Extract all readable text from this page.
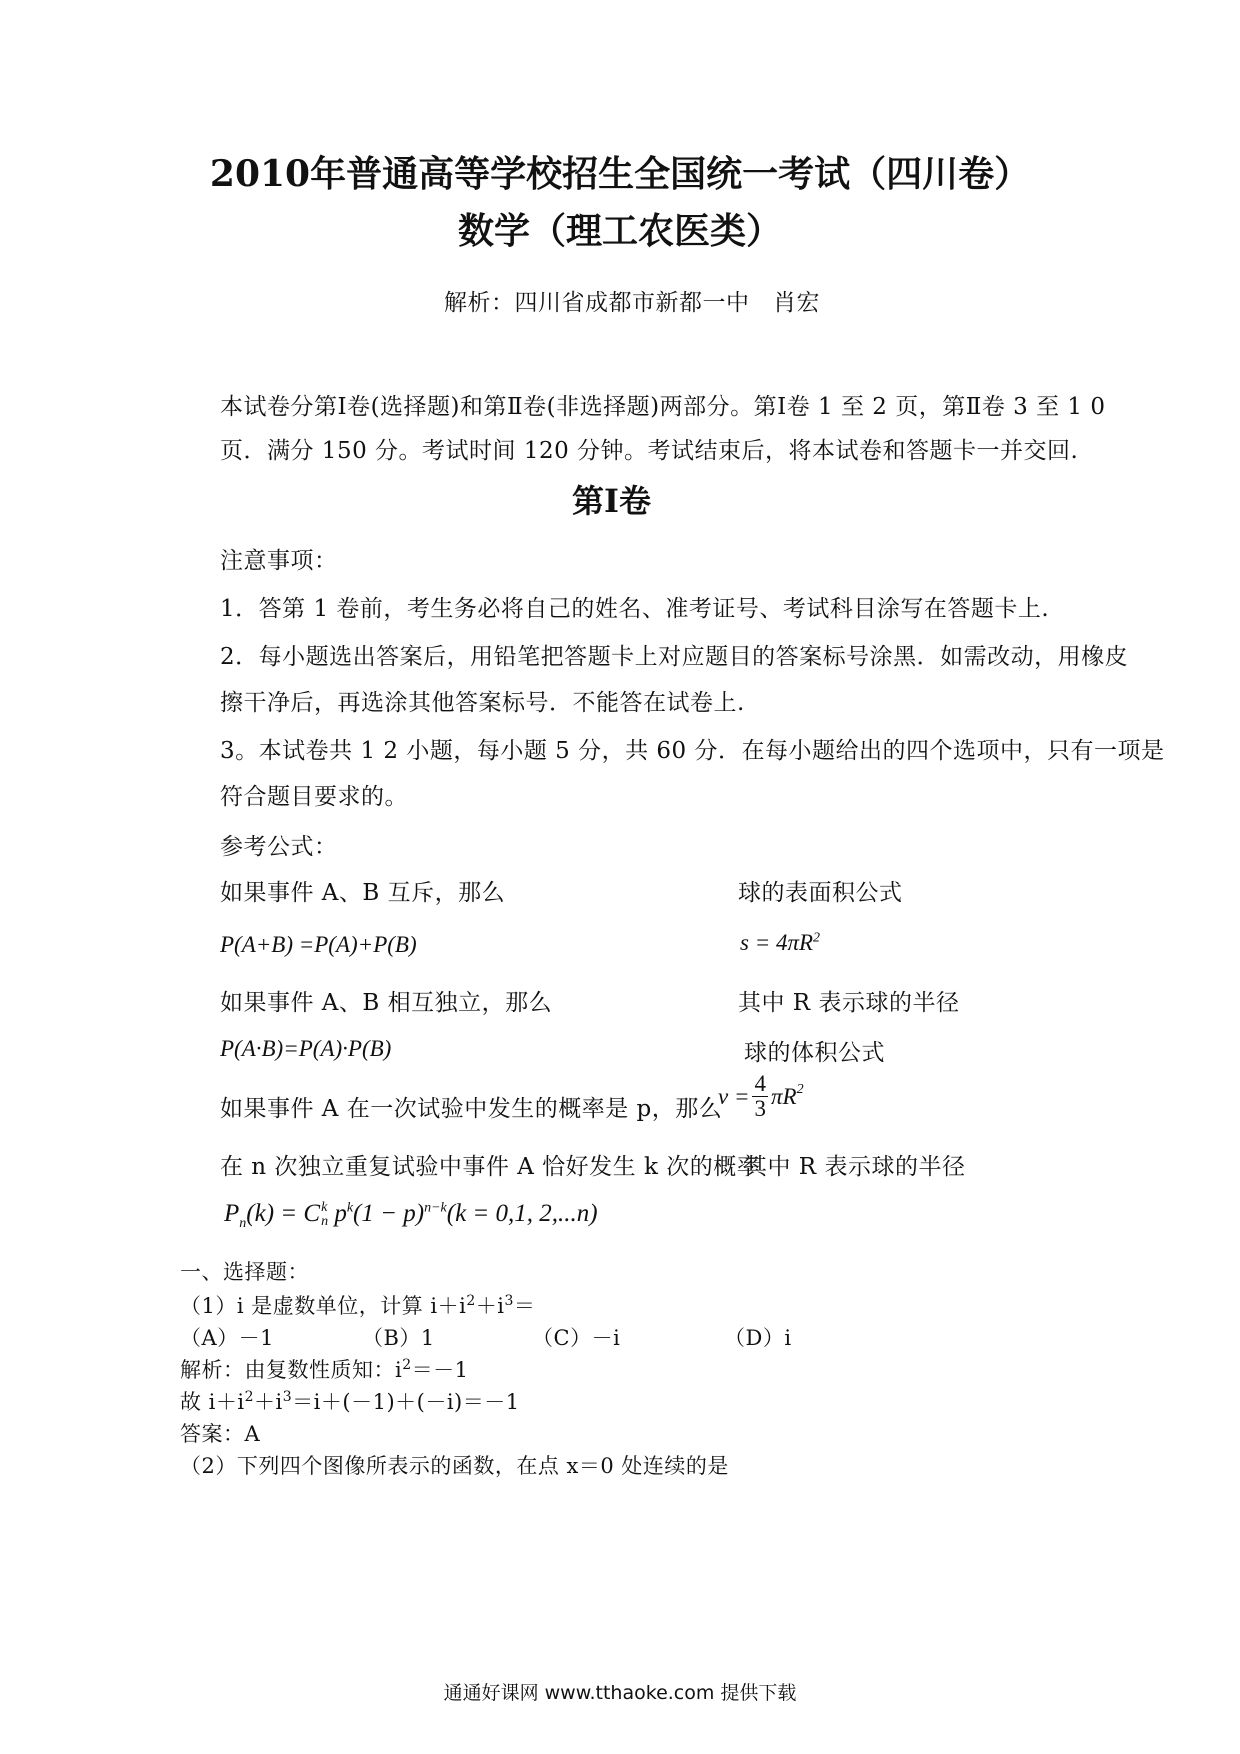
2010年普通高等学校招生全国统一考试（四川卷）
数学（理工农医类）
解析：四川省成都市新都一中　肖宏
本试卷分第Ⅰ卷(选择题)和第Ⅱ卷(非选择题)两部分。第Ⅰ卷 1 至 2 页，第Ⅱ卷 3 至 1 0
页．满分 150 分。考试时间 120 分钟。考试结束后，将本试卷和答题卡一并交回.
第Ⅰ卷
注意事项：
1．答第 1 卷前，考生务必将自己的姓名、准考证号、考试科目涂写在答题卡上.
2．每小题选出答案后，用铅笔把答题卡上对应题目的答案标号涂黑．如需改动，用橡皮
擦干净后，再选涂其他答案标号．不能答在试卷上.
3。本试卷共 1 2 小题，每小题 5 分，共 60 分．在每小题给出的四个选项中，只有一项是
符合题目要求的。
参考公式：
如果事件 A、B 互斥，那么	球的表面积公式
P(A+B) =P(A)+P(B)	$s = 4\pi R^2$
如果事件 A、B 相互独立，那么	其中 R 表示球的半径
P(A·B)=P(A)·P(B)	球的体积公式
如果事件 A 在一次试验中发生的概率是 p，那么
$v = \frac{4}{3} \pi R^2$
在 n 次独立重复试验中事件 A 恰好发生 k 次的概率
其中 R 表示球的半径
$P_n(k) = C$ k
n $p^k(1 - p)^{n-k}(k = 0,1$, 2,...n)
一、选择题：
（1）i 是虚数单位，计算 $i+i^2+i^3=$
（A）－1	（B）1	（C）－i	（D）i
解析：由复数性质知：$i^2=-1$
故 $i+i^2+i^3=i+(-1)+(-i)=-1$
答案：A
（2）下列四个图像所表示的函数，在点 x＝0 处连续的是
通通好课网 www.tthaoke.com 提供下载
